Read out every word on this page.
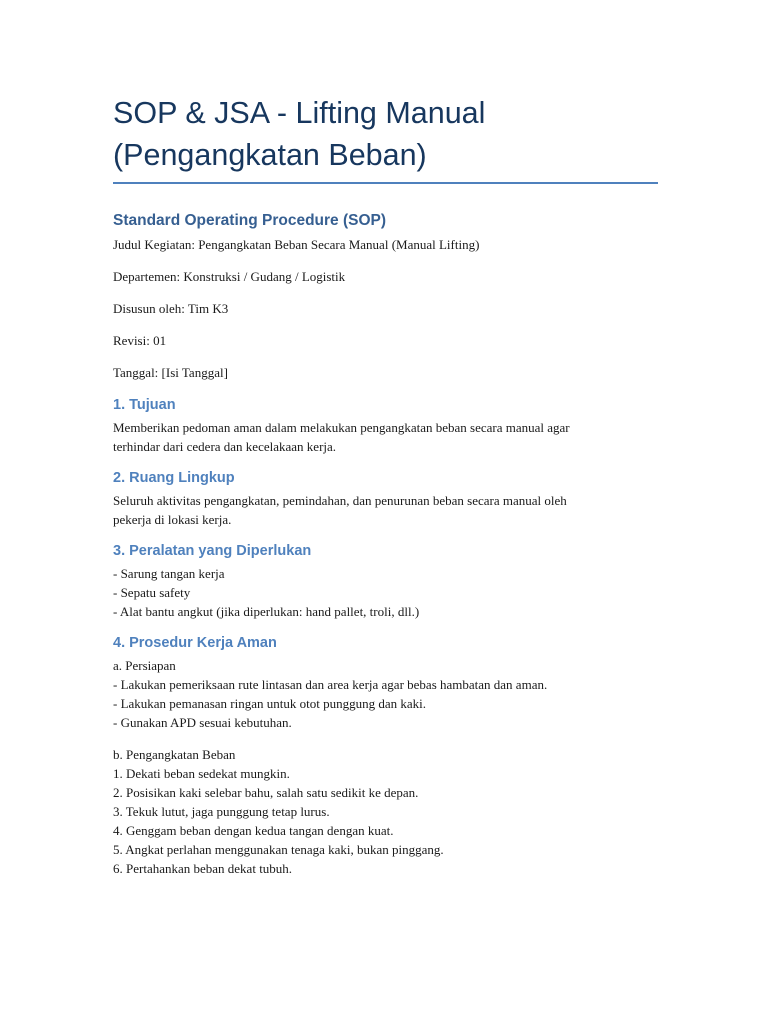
SOP & JSA - Lifting Manual
(Pengangkatan Beban)
Standard Operating Procedure (SOP)

Judul Kegiatan: Pengangkatan Beban Secara Manual (Manual Lifting)

Departemen: Konstruksi / Gudang / Logistik

Disusun oleh: Tim K3

Revisi: 01

Tanggal: [Isi Tanggal]

1. Tujuan

Memberikan pedoman aman dalam melakukan pengangkatan beban secara manual agar
terhindar dari cedera dan kecelakaan kerja.

2. Ruang Lingkup

Seluruh aktivitas pengangkatan, pemindahan, dan penurunan beban secara manual oleh
pekerja di lokasi kerja.

3. Peralatan yang Diperlukan

- Sarung tangan kerja
- Sepatu safety
- Alat bantu angkut (jika diperlukan: hand pallet, troli, dll.)

4. Prosedur Kerja Aman

a. Persiapan
- Lakukan pemeriksaan rute lintasan dan area kerja agar bebas hambatan dan aman.
- Lakukan pemanasan ringan untuk otot punggung dan kaki.
- Gunakan APD sesuai kebutuhan.

b. Pengangkatan Beban
1. Dekati beban sedekat mungkin.
2. Posisikan kaki selebar bahu, salah satu sedikit ke depan.
3. Tekuk lutut, jaga punggung tetap lurus.
4. Genggam beban dengan kedua tangan dengan kuat.
5. Angkat perlahan menggunakan tenaga kaki, bukan pinggang.
6. Pertahankan beban dekat tubuh.
